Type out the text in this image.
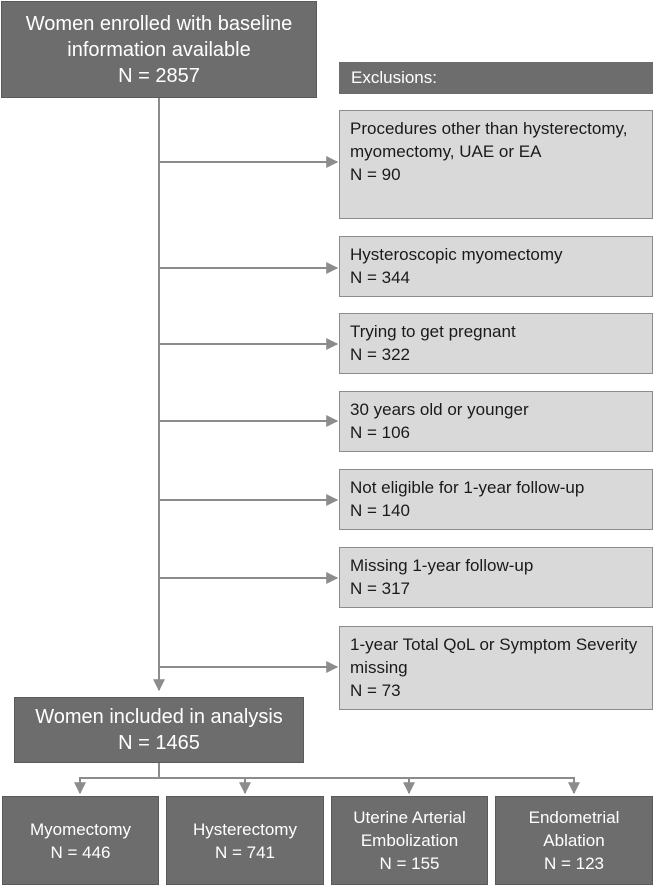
Women enrolled with baseline
information available
N = 2857	Exclusions:
Procedures other than hysterectomy, myomectomy, UAE or EA
N = 90
Hysteroscopic myomectomy
N = 344
Trying to get pregnant
N = 322
30 years old or younger
N = 106
Not eligible for 1-year follow-up
N = 140
Missing 1-year follow-up
N = 317
1-year Total QoL or Symptom Severity missing
N = 73
Women included in analysis
N = 1465
Myomectomy
N = 446
Hysterectomy
N = 741
Uterine Arterial
Embolization
N = 155
Endometrial
Ablation
N = 123
